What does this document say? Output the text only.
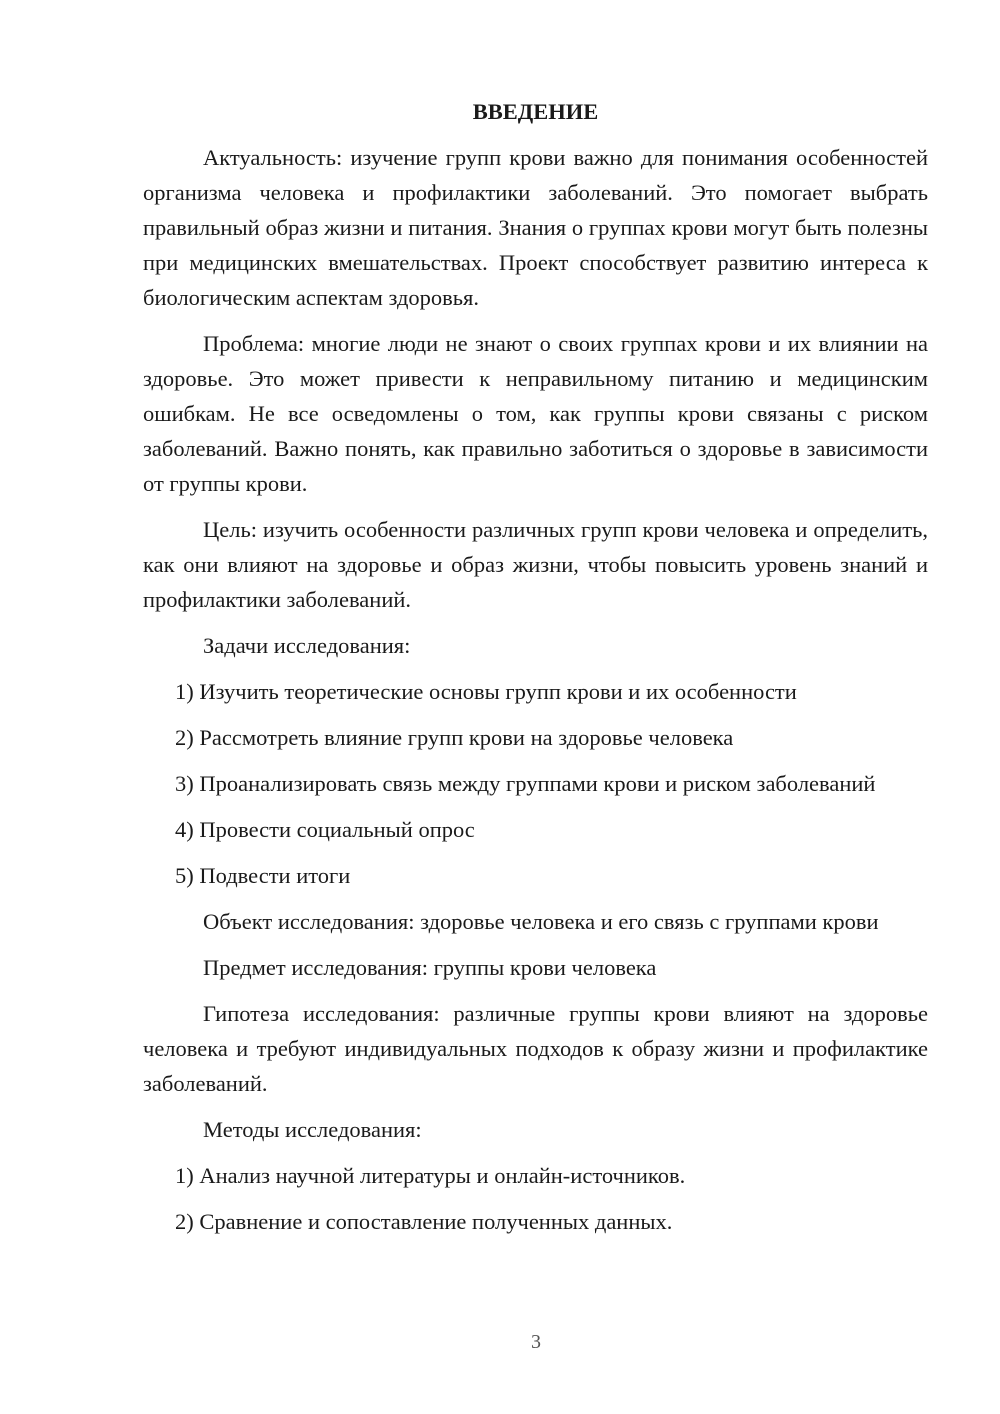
ВВЕДЕНИЕ

Актуальность: изучение групп крови важно для понимания особенностей организма человека и профилактики заболеваний. Это помогает выбрать правильный образ жизни и питания. Знания о группах крови могут быть полезны при медицинских вмешательствах. Проект способствует развитию интереса к биологическим аспектам здоровья.

Проблема: многие люди не знают о своих группах крови и их влиянии на здоровье. Это может привести к неправильному питанию и медицинским ошибкам. Не все осведомлены о том, как группы крови связаны с риском заболеваний. Важно понять, как правильно заботиться о здоровье в зависимости от группы крови.

Цель: изучить особенности различных групп крови человека и определить, как они влияют на здоровье и образ жизни, чтобы повысить уровень знаний и профилактики заболеваний.

Задачи исследования:

1) Изучить теоретические основы групп крови и их особенности

2) Рассмотреть влияние групп крови на здоровье человека

3) Проанализировать связь между группами крови и риском заболеваний

4) Провести социальный опрос

5) Подвести итоги

Объект исследования: здоровье человека и его связь с группами крови

Предмет исследования: группы крови человека

Гипотеза исследования: различные группы крови влияют на здоровье человека и требуют индивидуальных подходов к образу жизни и профилактике заболеваний.

Методы исследования:

1) Анализ научной литературы и онлайн-источников.

2) Сравнение и сопоставление полученных данных.

3
